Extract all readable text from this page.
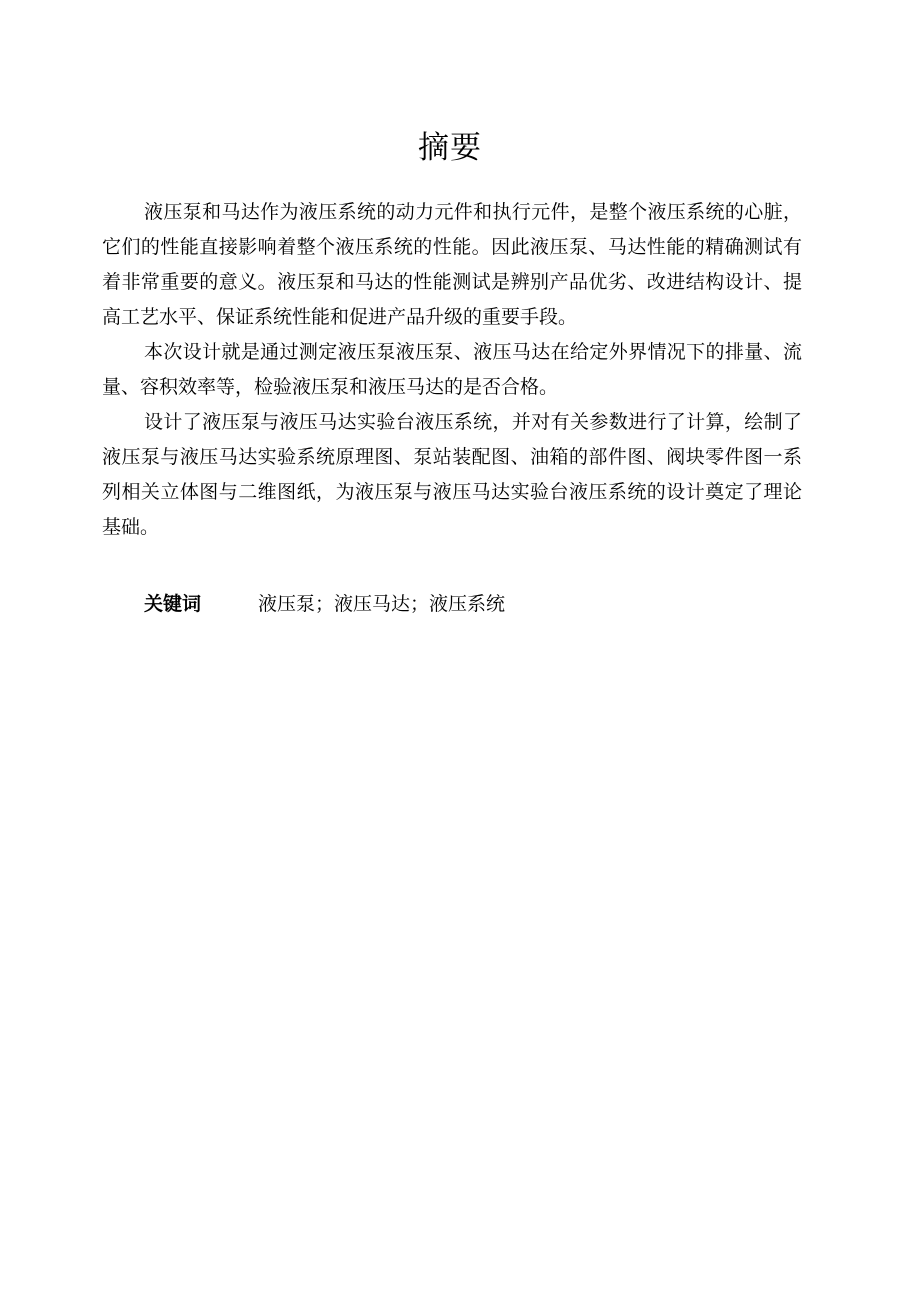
摘要

液压泵和马达作为液压系统的动力元件和执行元件，是整个液压系统的心脏，它们的性能直接影响着整个液压系统的性能。因此液压泵、马达性能的精确测试有着非常重要的意义。液压泵和马达的性能测试是辨别产品优劣、改进结构设计、提高工艺水平、保证系统性能和促进产品升级的重要手段。

本次设计就是通过测定液压泵液压泵、液压马达在给定外界情况下的排量、流量、容积效率等，检验液压泵和液压马达的是否合格。

设计了液压泵与液压马达实验台液压系统，并对有关参数进行了计算，绘制了液压泵与液压马达实验系统原理图、泵站装配图、油箱的部件图、阀块零件图一系列相关立体图与二维图纸，为液压泵与液压马达实验台液压系统的设计奠定了理论基础。

关键词	液压泵；液压马达；液压系统
